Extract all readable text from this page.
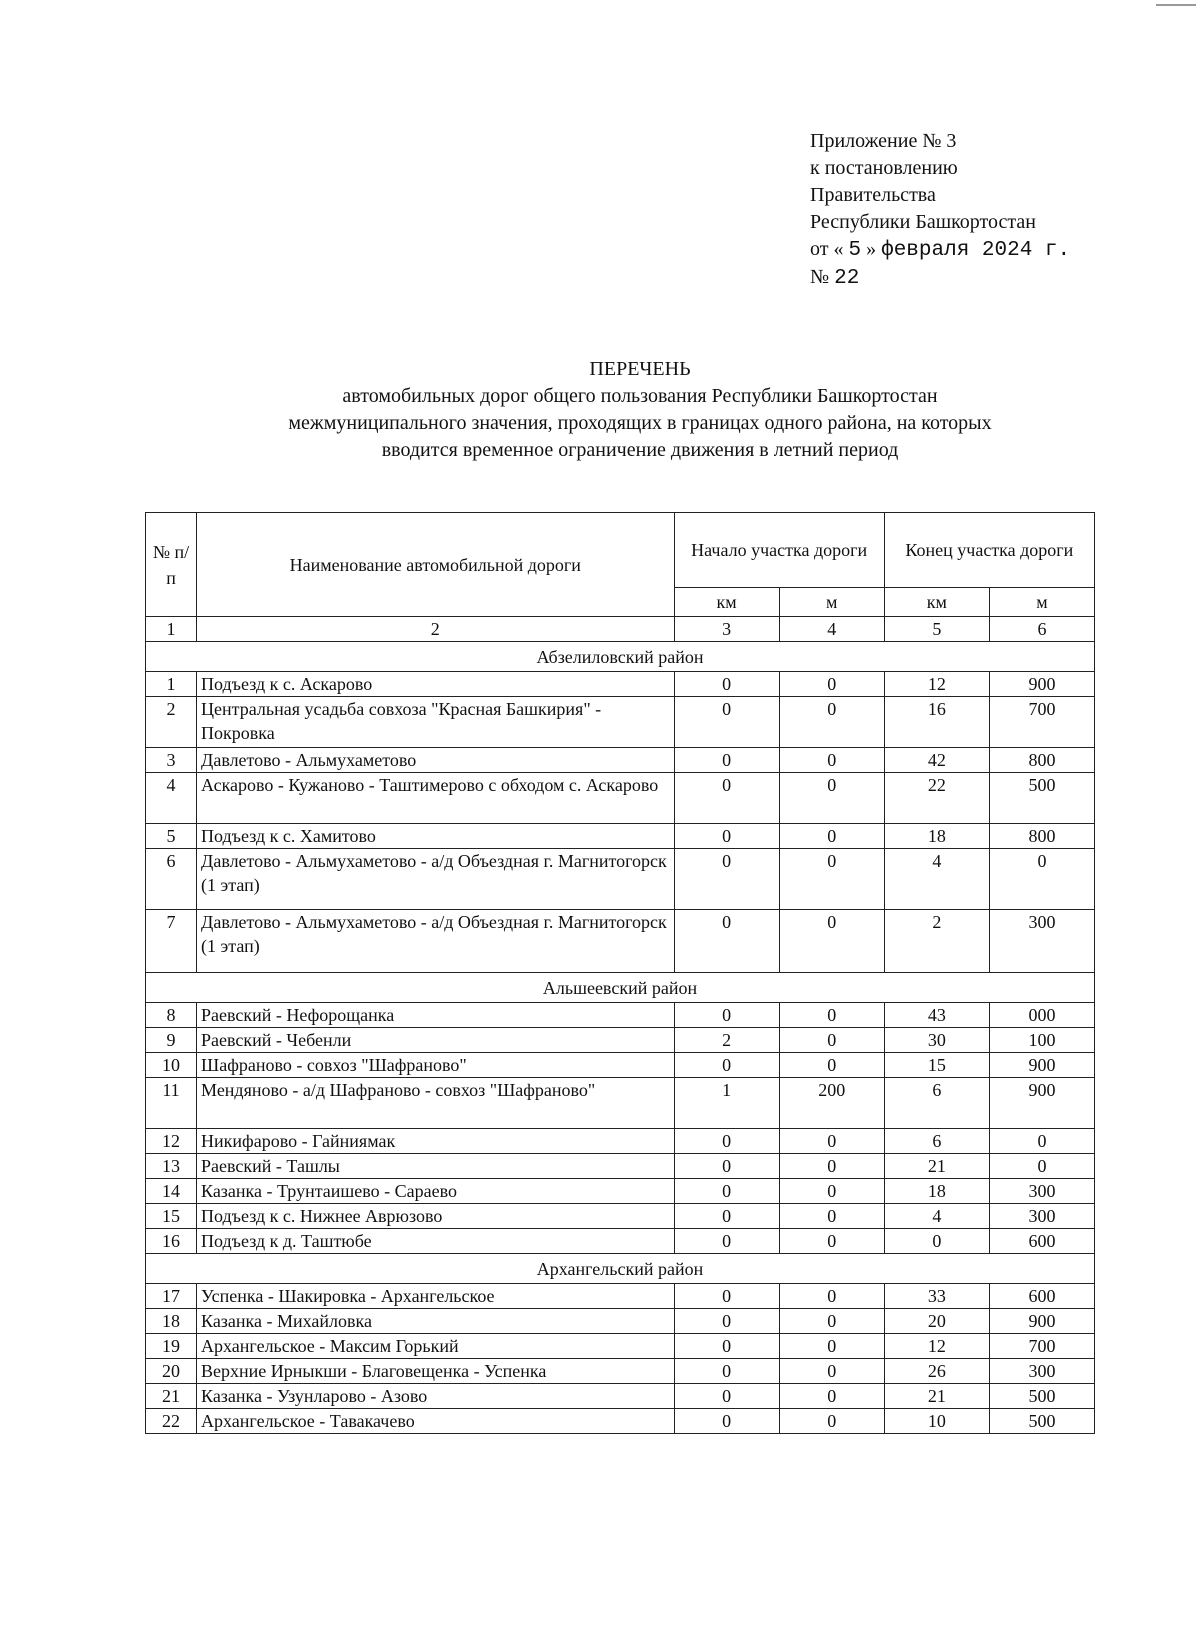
Приложение № 3
к постановлению
Правительства
Республики Башкортостан
от « 5 » февраля 2024 г.
№ 22
ПЕРЕЧЕНЬ
автомобильных дорог общего пользования Республики Башкортостан
межмуниципального значения, проходящих в границах одного района, на которых
вводится временное ограничение движения в летний период
№ п/п	Наименование автомобильной дороги	Начало участка дороги		Конец участка дороги	
		км	м	км	м
1	2	3	4	5	6
Абзелиловский район					
1	Подъезд к с. Аскарово	0	0	12	900
2	Центральная усадьба совхоза "Красная Башкирия" - Покровка	0	0	16	700
3	Давлетово - Альмухаметово	0	0	42	800
4	Аскарово - Кужаново - Таштимерово с обходом с. Аскарово	0	0	22	500
5	Подъезд к с. Хамитово	0	0	18	800
6	Давлетово - Альмухаметово - а/д Объездная г. Магнитогорск (1 этап)	0	0	4	0
7	Давлетово - Альмухаметово - а/д Объездная г. Магнитогорск (1 этап)	0	0	2	300
Альшеевский район					
8	Раевский - Нефорощанка	0	0	43	000
9	Раевский - Чебенли	2	0	30	100
10	Шафраново - совхоз "Шафраново"	0	0	15	900
11	Мендяново - а/д Шафраново - совхоз "Шафраново"	1	200	6	900
12	Никифарово - Гайниямак	0	0	6	0
13	Раевский - Ташлы	0	0	21	0
14	Казанка - Трунтаишево - Сараево	0	0	18	300
15	Подъезд к с. Нижнее Аврюзово	0	0	4	300
16	Подъезд к д. Таштюбе	0	0	0	600
Архангельский район					
17	Успенка - Шакировка - Архангельское	0	0	33	600
18	Казанка - Михайловка	0	0	20	900
19	Архангельское - Максим Горький	0	0	12	700
20	Верхние Ирныкши - Благовещенка - Успенка	0	0	26	300
21	Казанка - Узунларово - Азово	0	0	21	500
22	Архангельское - Тавакачево	0	0	10	500
